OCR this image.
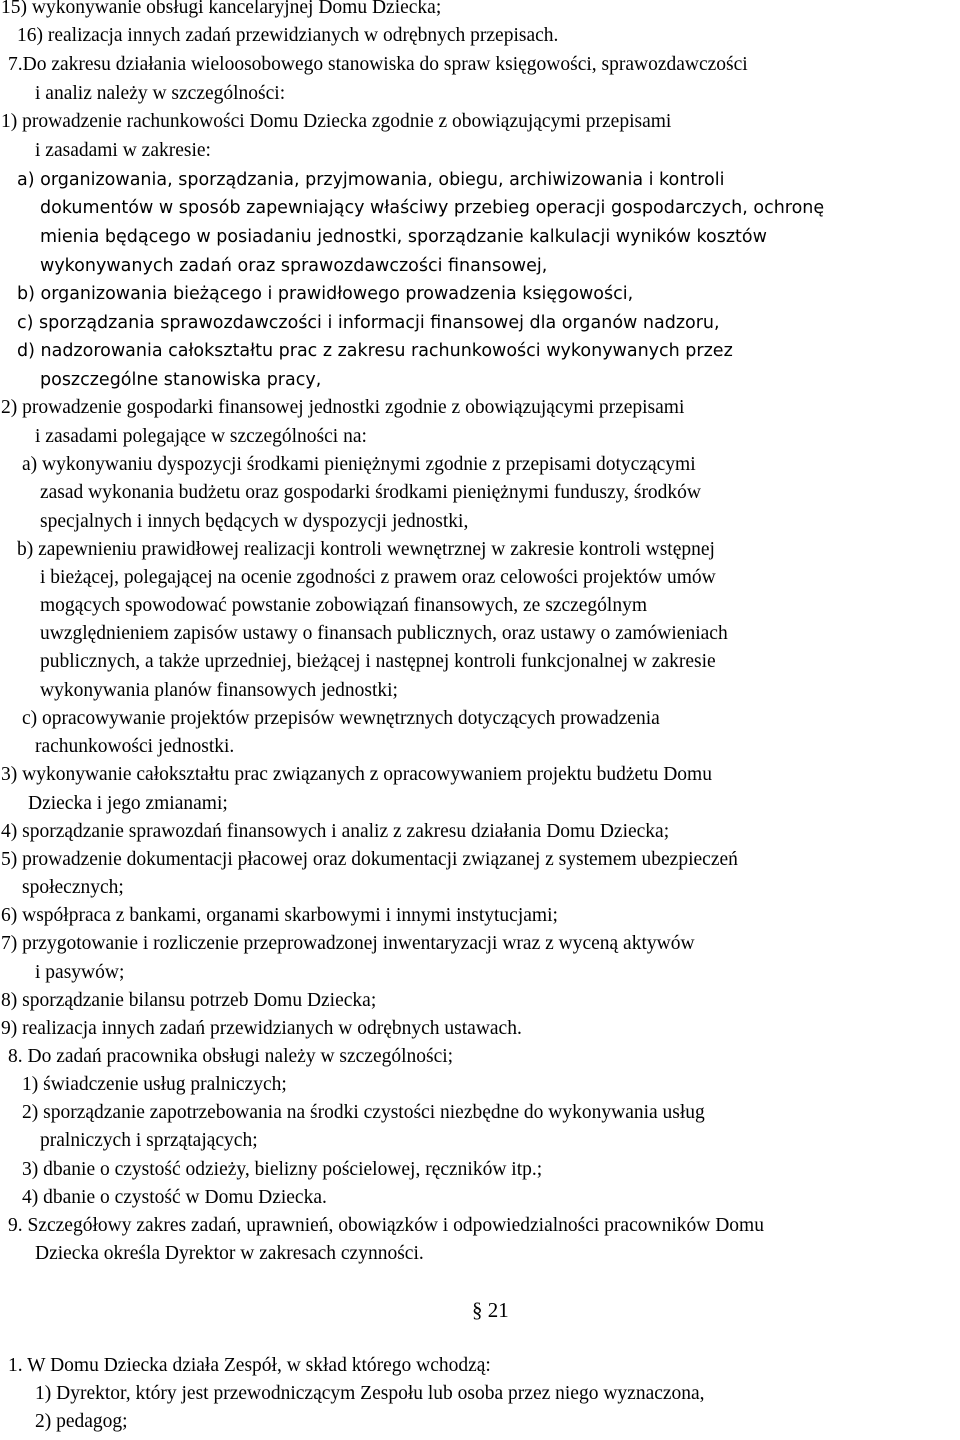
15) wykonywanie obsługi kancelaryjnej Domu Dziecka;
16) realizacja innych zadań przewidzianych w odrębnych przepisach.
7.Do zakresu działania wieloosobowego stanowiska do spraw księgowości, sprawozdawczości
i analiz należy w szczególności:
1) prowadzenie rachunkowości Domu Dziecka zgodnie z obowiązującymi przepisami
i zasadami w zakresie:
a) organizowania, sporządzania, przyjmowania, obiegu, archiwizowania i kontroli
dokumentów w sposób zapewniający właściwy przebieg operacji gospodarczych, ochronę
mienia będącego w posiadaniu jednostki, sporządzanie kalkulacji wyników kosztów
wykonywanych zadań oraz sprawozdawczości finansowej,
b) organizowania bieżącego i prawidłowego prowadzenia księgowości,
c) sporządzania sprawozdawczości i informacji finansowej dla organów nadzoru,
d) nadzorowania całokształtu prac z zakresu rachunkowości wykonywanych przez
poszczególne stanowiska pracy,
2) prowadzenie gospodarki finansowej jednostki zgodnie z obowiązującymi przepisami
i zasadami polegające w szczególności na:
a) wykonywaniu dyspozycji środkami pieniężnymi zgodnie z przepisami dotyczącymi
zasad wykonania budżetu oraz gospodarki środkami pieniężnymi funduszy, środków
specjalnych i innych będących w dyspozycji jednostki,
b) zapewnieniu prawidłowej realizacji kontroli wewnętrznej w zakresie kontroli wstępnej
i bieżącej, polegającej na ocenie zgodności z prawem oraz celowości projektów umów
mogących spowodować powstanie zobowiązań finansowych, ze szczególnym
uwzględnieniem zapisów ustawy o finansach publicznych, oraz ustawy o zamówieniach
publicznych, a także uprzedniej, bieżącej i następnej kontroli funkcjonalnej w zakresie
wykonywania planów finansowych jednostki;
c) opracowywanie projektów przepisów wewnętrznych dotyczących prowadzenia
rachunkowości jednostki.
3) wykonywanie całokształtu prac związanych z opracowywaniem projektu budżetu Domu
Dziecka i jego zmianami;
4) sporządzanie sprawozdań finansowych i analiz z zakresu działania Domu Dziecka;
5) prowadzenie dokumentacji płacowej oraz dokumentacji związanej z systemem ubezpieczeń
społecznych;
6) współpraca z bankami, organami skarbowymi i innymi instytucjami;
7) przygotowanie i rozliczenie przeprowadzonej inwentaryzacji wraz z wyceną aktywów
i pasywów;
8) sporządzanie bilansu potrzeb Domu Dziecka;
9) realizacja innych zadań przewidzianych w odrębnych ustawach.
8. Do zadań pracownika obsługi należy w szczególności;
1) świadczenie usług pralniczych;
2) sporządzanie zapotrzebowania na środki czystości niezbędne do wykonywania usług
pralniczych i sprzątających;
3) dbanie o czystość odzieży, bielizny pościelowej, ręczników itp.;
4) dbanie o czystość w Domu Dziecka.
9. Szczegółowy zakres zadań, uprawnień, obowiązków i odpowiedzialności pracowników Domu
Dziecka określa Dyrektor w zakresach czynności.
§ 21
1. W Domu Dziecka działa Zespół, w skład którego wchodzą:
1) Dyrektor, który jest przewodniczącym Zespołu lub osoba przez niego wyznaczona,
2) pedagog;
